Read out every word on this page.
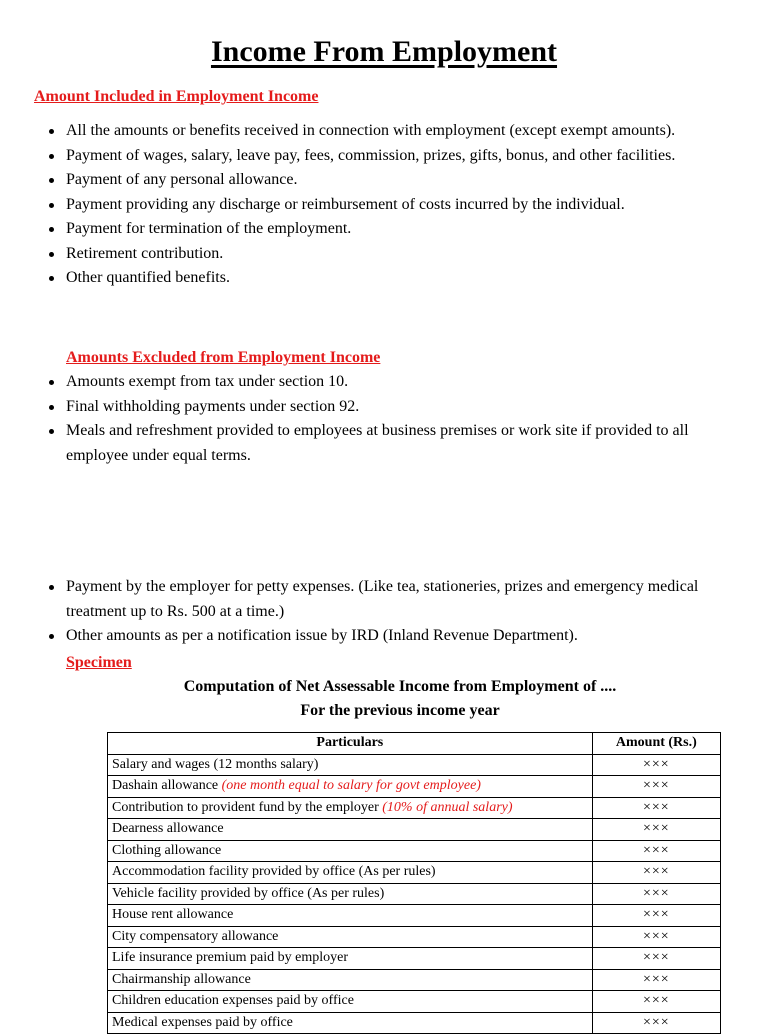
Income From Employment
Amount Included in Employment Income
All the amounts or benefits received in connection with employment (except exempt amounts).
Payment of wages, salary, leave pay, fees, commission, prizes, gifts, bonus, and other facilities.
Payment of any personal allowance.
Payment providing any discharge or reimbursement of costs incurred by the individual.
Payment for termination of the employment.
Retirement contribution.
Other quantified benefits.
Amounts Excluded from Employment Income
Amounts exempt from tax under section 10.
Final withholding payments under section 92.
Meals and refreshment provided to employees at business premises or work site if provided to all employee under equal terms.
Payment by the employer for petty expenses. (Like tea, stationeries, prizes and emergency medical treatment up to Rs. 500 at a time.)
Other amounts as per a notification issue by IRD (Inland Revenue Department).
Specimen
Computation of Net Assessable Income from Employment of ....
For the previous income year
Particulars	Amount (Rs.)
Salary and wages (12 months salary)	×××
Dashain allowance (one month equal to salary for govt employee)	×××
Contribution to provident fund by the employer (10% of annual salary)	×××
Dearness allowance	×××
Clothing allowance	×××
Accommodation facility provided by office (As per rules)	×××
Vehicle facility provided by office (As per rules)	×××
House rent allowance	×××
City compensatory allowance	×××
Life insurance premium paid by employer	×××
Chairmanship allowance	×××
Children education expenses paid by office	×××
Medical expenses paid by office	×××
